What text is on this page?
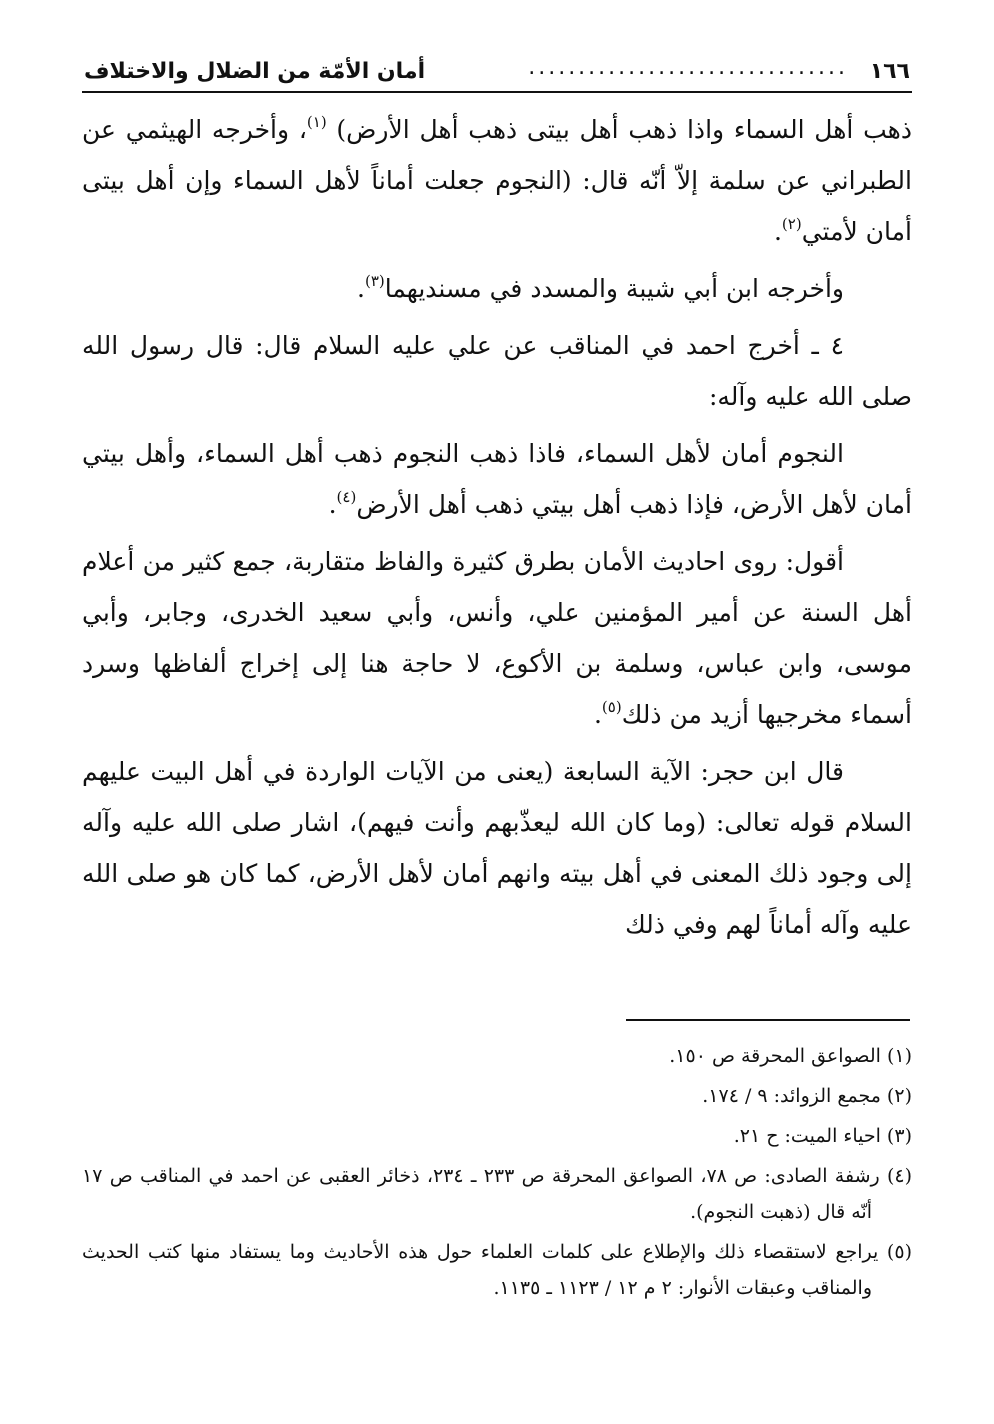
١٦٦
................................
أمان الأمّة من الضلال والاختلاف

ذهب أهل السماء واذا ذهب أهل بيتى ذهب أهل الأرض) $^{(١)}$، وأخرجه الهيثمي عن الطبراني عن سلمة إلاّ أنّه قال: (النجوم جعلت أماناً لأهل السماء وإن أهل بيتى أمان لأمتي$^{(٢)}$.

وأخرجه ابن أبي شيبة والمسدد في مسنديهما$^{(٣)}$.

٤ ـ أخرج احمد في المناقب عن علي عليه السلام قال: قال رسول الله صلى الله عليه وآله:

النجوم أمان لأهل السماء، فاذا ذهب النجوم ذهب أهل السماء، وأهل بيتي أمان لأهل الأرض، فإذا ذهب أهل بيتي ذهب أهل الأرض$^{(٤)}$.

أقول: روى احاديث الأمان بطرق كثيرة والفاظ متقاربة، جمع كثير من أعلام أهل السنة عن أمير المؤمنين علي، وأنس، وأبي سعيد الخدرى، وجابر، وأبي موسى، وابن عباس، وسلمة بن الأكوع، لا حاجة هنا إلى إخراج ألفاظها وسرد أسماء مخرجيها أزيد من ذلك$^{(٥)}$.

قال ابن حجر: الآية السابعة (يعنى من الآيات الواردة في أهل البيت عليهم السلام قوله تعالى: (وما كان الله ليعذّبهم وأنت فيهم)، اشار صلى الله عليه وآله إلى وجود ذلك المعنى في أهل بيته وانهم أمان لأهل الأرض، كما كان هو صلى الله عليه وآله أماناً لهم وفي ذلك

(١) الصواعق المحرقة ص ١٥٠.

(٢) مجمع الزوائد: ٩ / ١٧٤.

(٣) احياء الميت: ح ٢١.

(٤) رشفة الصادى: ص ٧٨، الصواعق المحرقة ص ٢٣٣ ـ ٢٣٤، ذخائر العقبى عن احمد في المناقب ص ١٧ أنّه قال (ذهبت النجوم).

(٥) يراجع لاستقصاء ذلك والإطلاع على كلمات العلماء حول هذه الأحاديث وما يستفاد منها كتب الحديث والمناقب وعبقات الأنوار: ٢ م ١٢ / ١١٢٣ ـ ١١٣٥.
